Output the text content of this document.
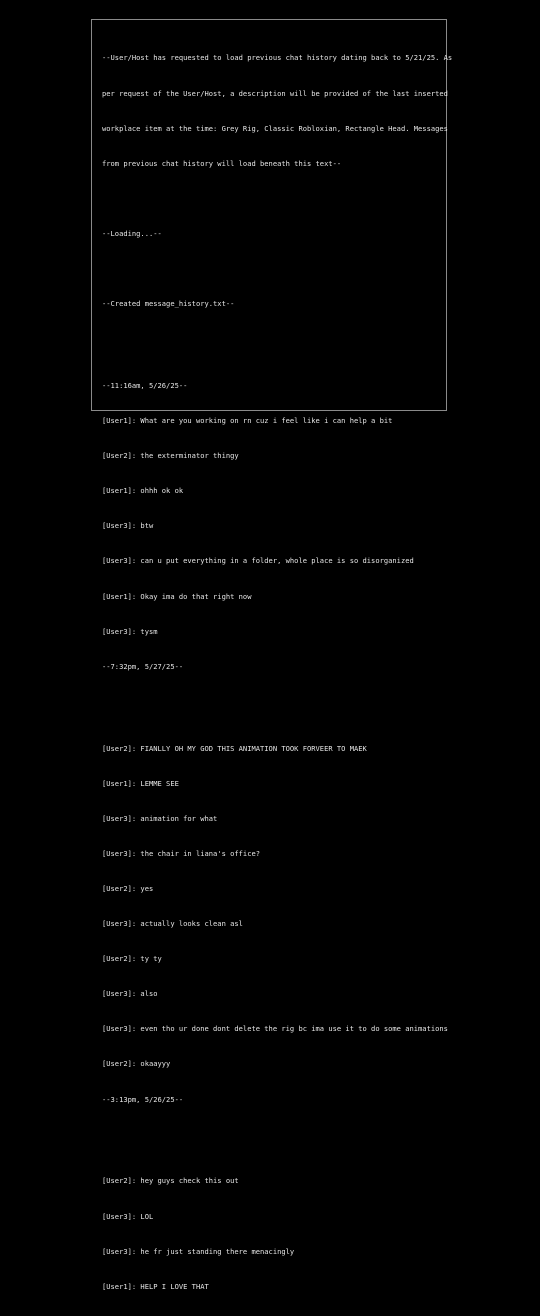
--User/Host has requested to load previous chat history dating back to 5/21/25. As

per request of the User/Host, a description will be provided of the last inserted

workplace item at the time: Grey Rig, Classic Robloxian, Rectangle Head. Messages

from previous chat history will load beneath this text--

--Loading...--

--Created message_history.txt--

--11:16am, 5/26/25--

[User1]: What are you working on rn cuz i feel like i can help a bit

[User2]: the exterminator thingy

[User1]: ohhh ok ok

[User3]: btw

[User3]: can u put everything in a folder, whole place is so disorganized

[User1]: Okay ima do that right now

[User3]: tysm

--7:32pm, 5/27/25--

[User2]: FIANLLY OH MY GOD THIS ANIMATION TOOK FORVEER TO MAEK

[User1]: LEMME SEE

[User3]: animation for what

[User3]: the chair in liana's office?

[User2]: yes

[User3]: actually looks clean asl

[User2]: ty ty

[User3]: also

[User3]: even tho ur done dont delete the rig bc ima use it to do some animations

[User2]: okaayyy

--3:13pm, 5/26/25--

[User2]: hey guys check this out

[User3]: LOL

[User3]: he fr just standing there menacingly

[User1]: HELP I LOVE THAT
